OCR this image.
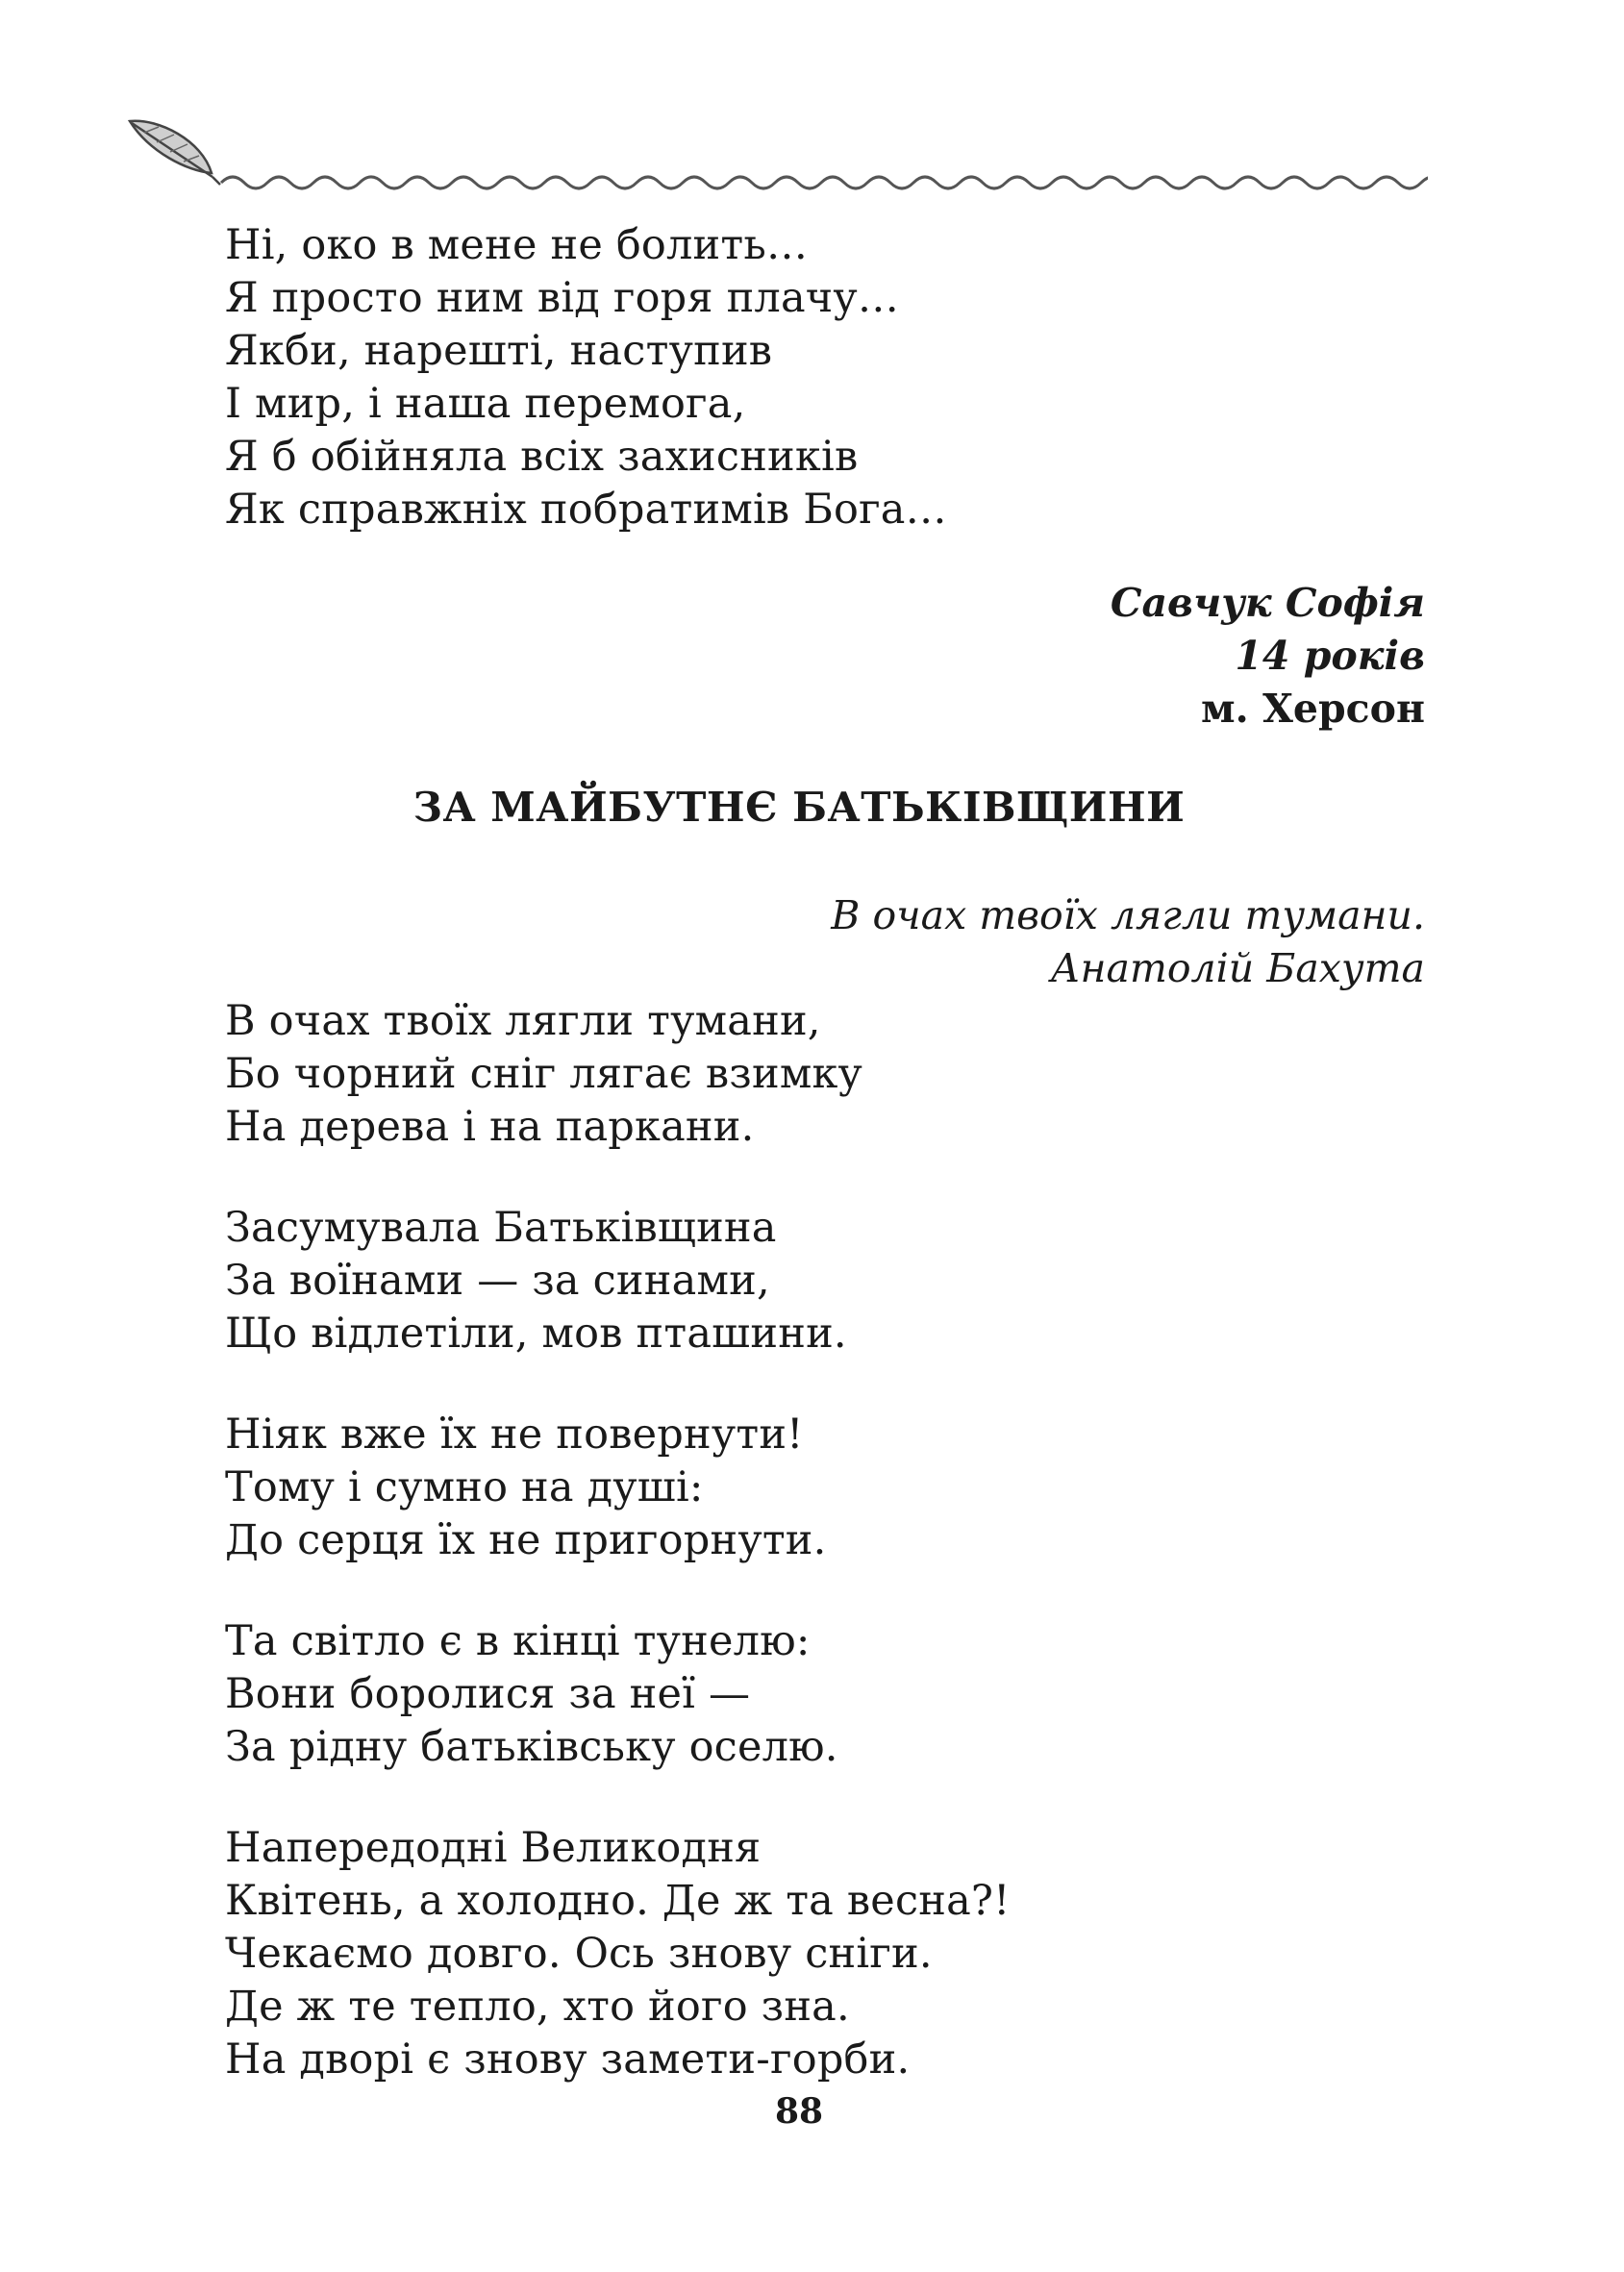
Ні, око в мене не болить…
Я просто ним від горя плачу…
Якби, нарешті, наступив
І мир, і наша перемога,
Я б обійняла всіх захисників
Як справжніх побратимів Бога…
Савчук Софія
14 років
м. Херсон
ЗА МАЙБУТНЄ БАТЬКІВЩИНИ
В очах твоїх лягли тумани.
Анатолій Бахута
В очах твоїх лягли тумани,
Бо чорний сніг лягає взимку
На дерева і на паркани.
Засумувала Батьківщина
За воїнами — за синами,
Що відлетіли, мов пташини.
Ніяк вже їх не повернути!
Тому і сумно на душі:
До серця їх не пригорнути.
Та світло є в кінці тунелю:
Вони боролися за неї —
За рідну батьківську оселю.
Напередодні Великодня
Квітень, а холодно. Де ж та весна?!
Чекаємо довго. Ось знову сніги.
Де ж те тепло, хто його зна.
На дворі є знову замети-горби.
88
